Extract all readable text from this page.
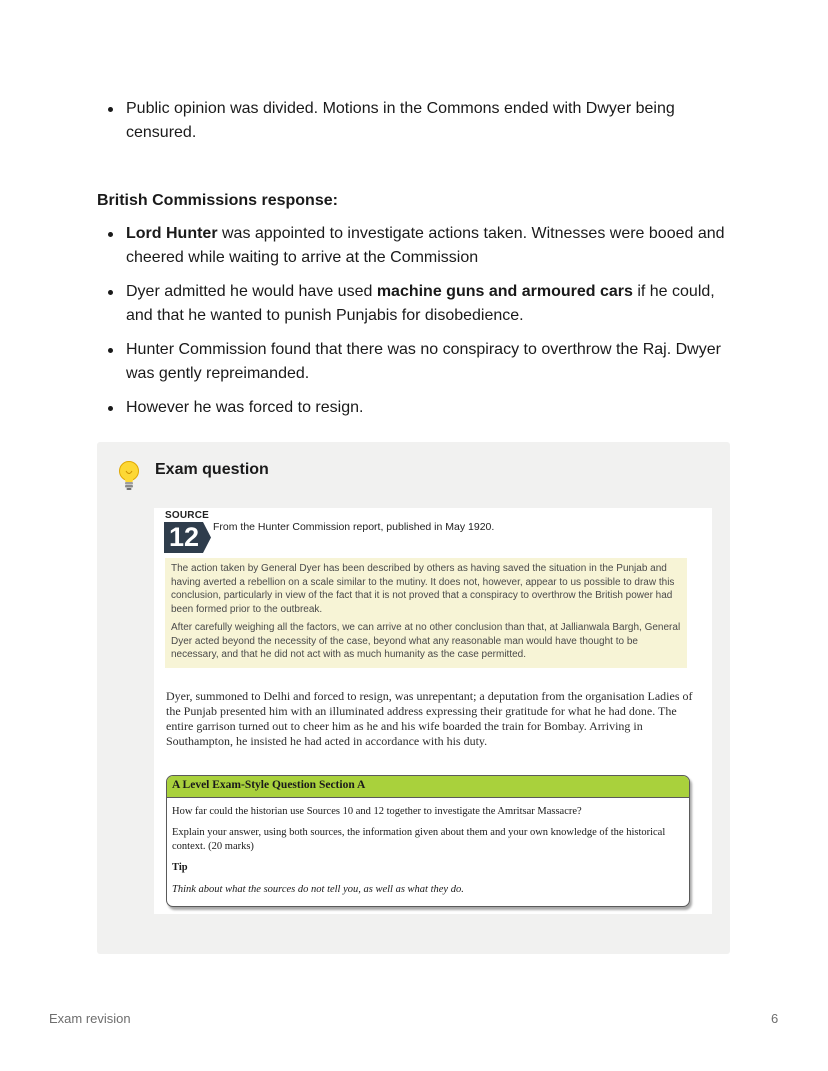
Public opinion was divided. Motions in the Commons ended with Dwyer being censured.
British Commissions response:
Lord Hunter was appointed to investigate actions taken. Witnesses were booed and cheered while waiting to arrive at the Commission
Dyer admitted he would have used machine guns and armoured cars if he could, and that he wanted to punish Punjabis for disobedience.
Hunter Commission found that there was no conspiracy to overthrow the Raj. Dwyer was gently repreimanded.
However he was forced to resign.
Exam question
SOURCE
12 From the Hunter Commission report, published in May 1920.

The action taken by General Dyer has been described by others as having saved the situation in the Punjab and having averted a rebellion on a scale similar to the mutiny. It does not, however, appear to us possible to draw this conclusion, particularly in view of the fact that it is not proved that a conspiracy to overthrow the British power had been formed prior to the outbreak.

After carefully weighing all the factors, we can arrive at no other conclusion than that, at Jallianwala Bargh, General Dyer acted beyond the necessity of the case, beyond what any reasonable man would have thought to be necessary, and that he did not act with as much humanity as the case permitted.

Dyer, summoned to Delhi and forced to resign, was unrepentant; a deputation from the organisation Ladies of the Punjab presented him with an illuminated address expressing their gratitude for what he had done. The entire garrison turned out to cheer him as he and his wife boarded the train for Bombay. Arriving in Southampton, he insisted he had acted in accordance with his duty.

A Level Exam-Style Question Section A
How far could the historian use Sources 10 and 12 together to investigate the Amritsar Massacre?
Explain your answer, using both sources, the information given about them and your own knowledge of the historical context. (20 marks)
Tip
Think about what the sources do not tell you, as well as what they do.
Exam revision	6
